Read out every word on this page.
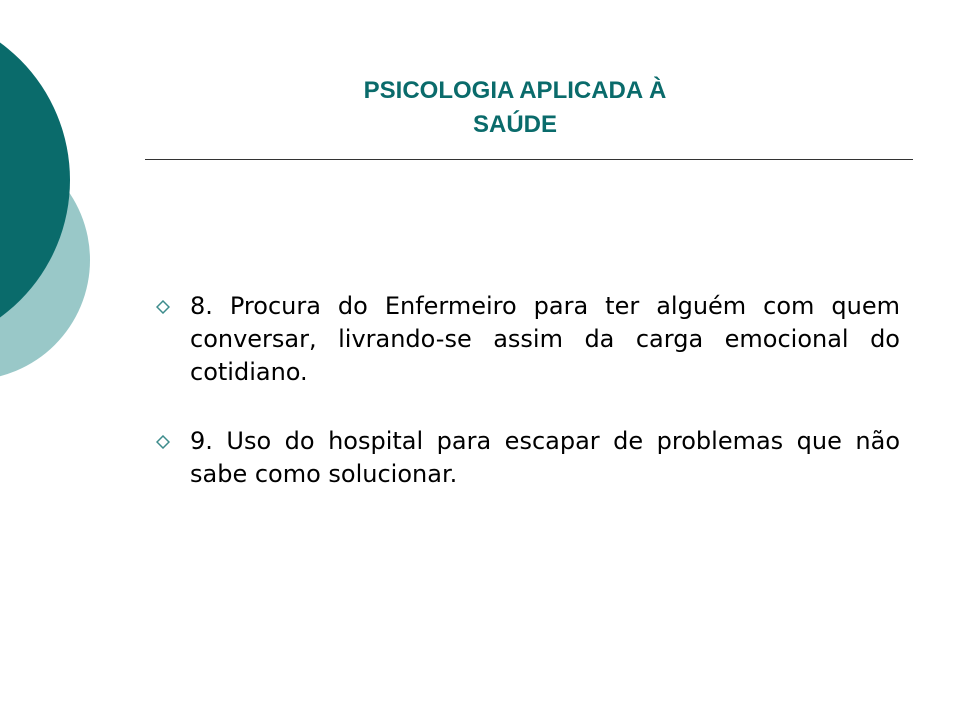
PSICOLOGIA APLICADA À
SAÚDE
8. Procura do Enfermeiro para ter alguém com quem conversar, livrando-se assim da carga emocional do cotidiano.
9. Uso do hospital para escapar de problemas que não sabe como solucionar.
